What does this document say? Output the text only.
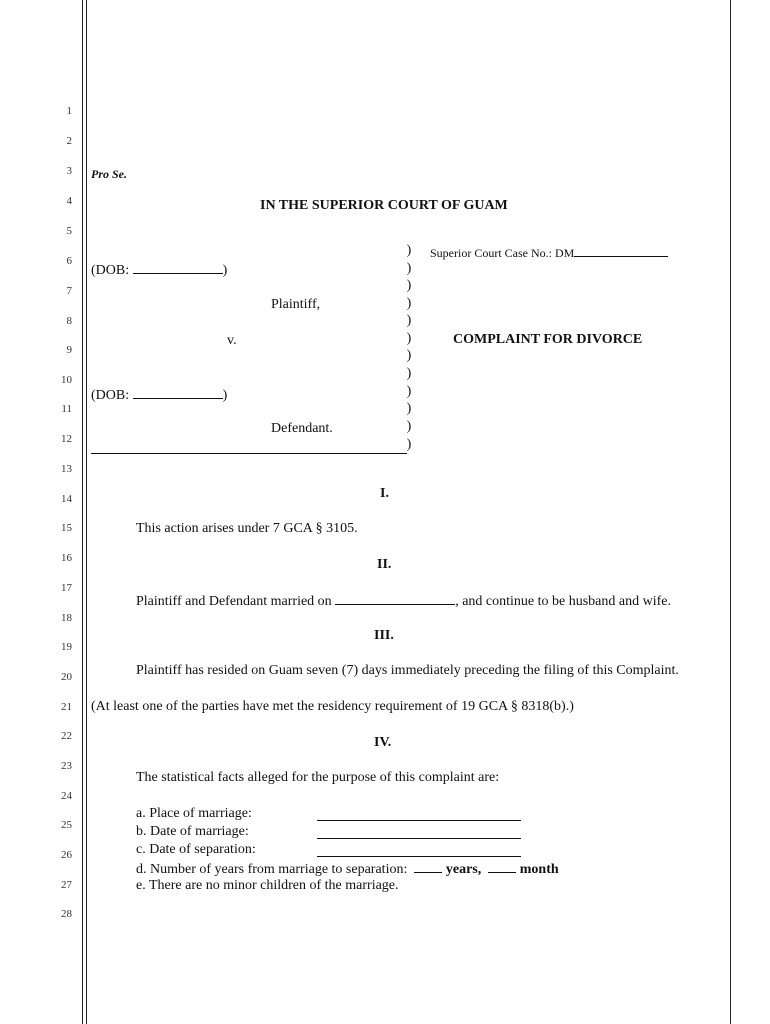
1
2
3
4
5
6
7
8
9
10
11
12
13
14
15
16
17
18
19
20
21
22
23
24
25
26
27
28
Pro Se.
IN THE SUPERIOR COURT OF GUAM
)
)
)
)
)
)
)
)
)
)
)
)
Superior Court Case No.: DM
(DOB:	)
Plaintiff,
v.	COMPLAINT FOR DIVORCE
(DOB:	)
Defendant.
I.
This action arises under 7 GCA § 3105.
II.
Plaintiff and Defendant married on	, and continue to be husband and wife.
III.
Plaintiff has resided on Guam seven (7) days immediately preceding the filing of this Complaint.
(At least one of the parties have met the residency requirement of 19 GCA § 8318(b).)
IV.
The statistical facts alleged for the purpose of this complaint are:
a. Place of marriage:
b. Date of marriage:
c. Date of separation:
d. Number of years from marriage to separation:	years,	month
e. There are no minor children of the marriage.
